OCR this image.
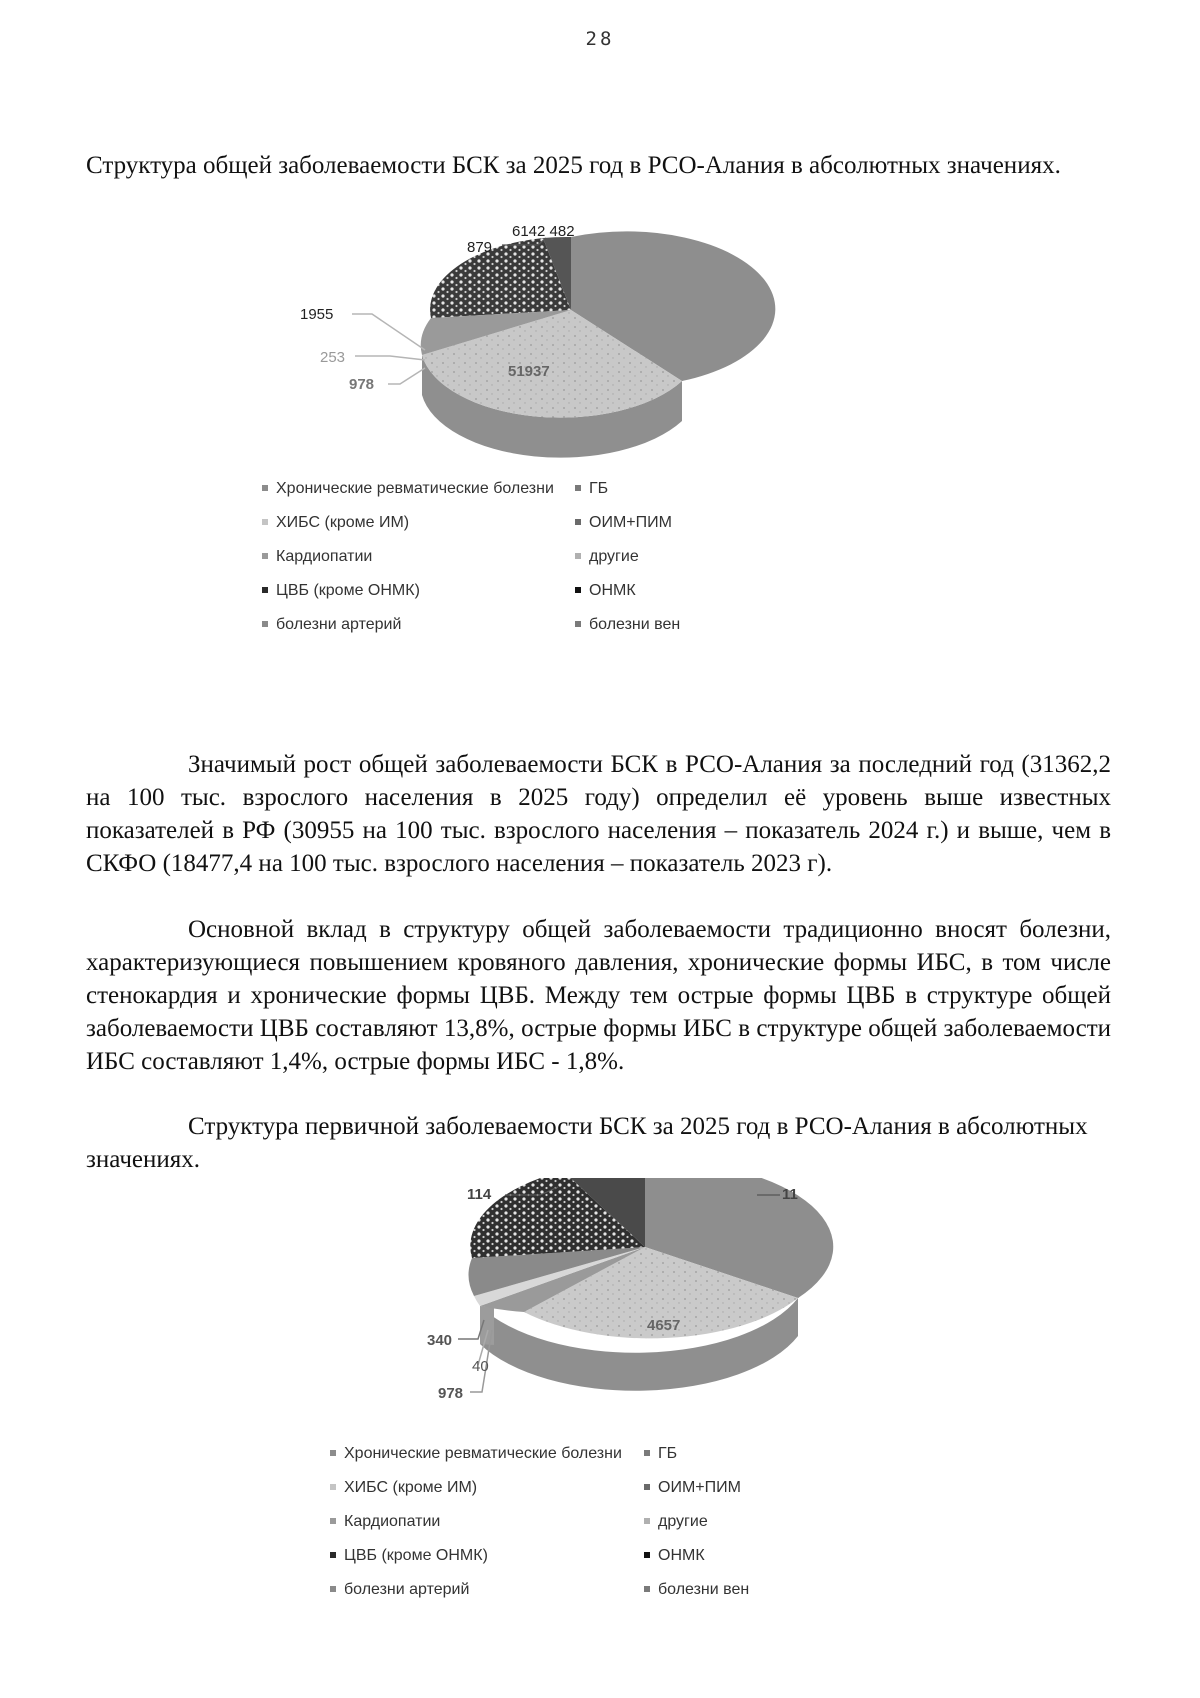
28

Структура общей заболеваемости БСК за 2025 год в РСО-Алания в абсолютных значениях.

6142 482
879
1955
253
978
51937
Хронические ревматические болезни	ГБ
ХИБС (кроме ИМ)	ОИМ+ПИМ
Кардиопатии	другие
ЦВБ (кроме ОНМК)	ОНМК
болезни артерий	болезни вен

Значимый рост общей заболеваемости БСК в РСО-Алания за последний год (31362,2 на 100 тыс. взрослого населения в 2025 году) определил её уровень выше известных показателей в РФ (30955 на 100 тыс. взрослого населения – показатель 2024 г.) и выше, чем в СКФО (18477,4 на 100 тыс. взрослого населения – показатель 2023 г).

Основной вклад в структуру общей заболеваемости традиционно вносят болезни, характеризующиеся повышением кровяного давления, хронические формы ИБС, в том числе стенокардия и хронические формы ЦВБ. Между тем острые формы ЦВБ в структуре общей заболеваемости ЦВБ составляют 13,8%, острые формы ИБС в структуре общей заболеваемости ИБС составляют 1,4%, острые формы ИБС - 1,8%.

Структура первичной заболеваемости БСК за 2025 год в РСО-Алания в абсолютных значениях.

114	11
340
40
978
4657
Хронические ревматические болезни	ГБ
ХИБС (кроме ИМ)	ОИМ+ПИМ
Кардиопатии	другие
ЦВБ (кроме ОНМК)	ОНМК
болезни артерий	болезни вен
